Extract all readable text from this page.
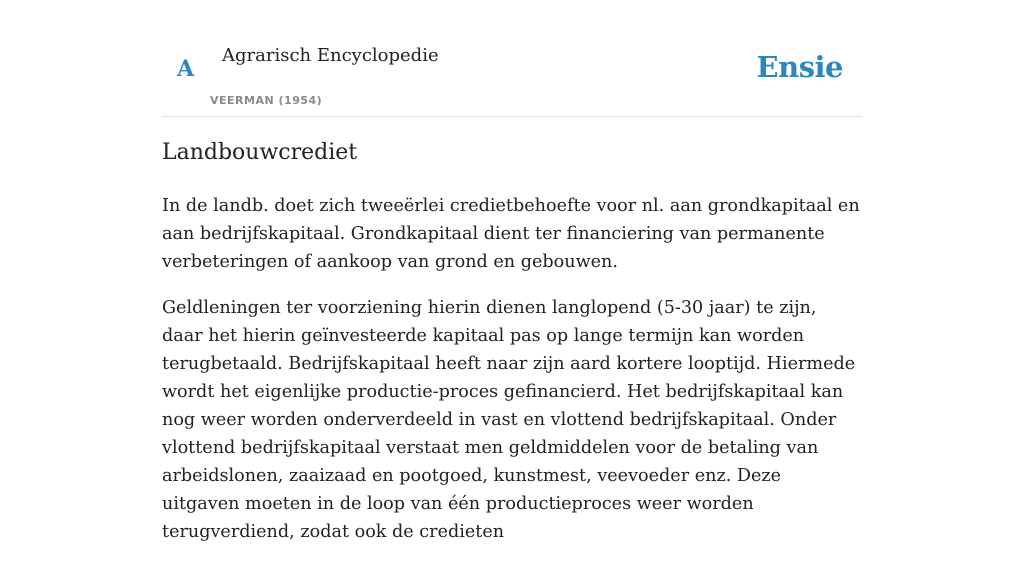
A
Agrarisch Encyclopedie
VEERMAN (1954)
Ensie
Landbouwcrediet

In de landb. doet zich tweeërlei credietbehoefte voor nl. aan grondkapitaal en aan bedrijfskapitaal. Grondkapitaal dient ter financiering van permanente verbeteringen of aankoop van grond en gebouwen.

Geldleningen ter voorziening hierin dienen langlopend (5-30 jaar) te zijn, daar het hierin geïnvesteerde kapitaal pas op lange termijn kan worden terugbetaald. Bedrijfskapitaal heeft naar zijn aard kortere looptijd. Hiermede wordt het eigenlijke productie-proces gefinancierd. Het bedrijfskapitaal kan nog weer worden onderverdeeld in vast en vlottend bedrijfskapitaal. Onder vlottend bedrijfskapitaal verstaat men geldmiddelen voor de betaling van arbeidslonen, zaaizaad en pootgoed, kunstmest, veevoeder enz. Deze uitgaven moeten in de loop van één productieproces weer worden terugverdiend, zodat ook de credieten
